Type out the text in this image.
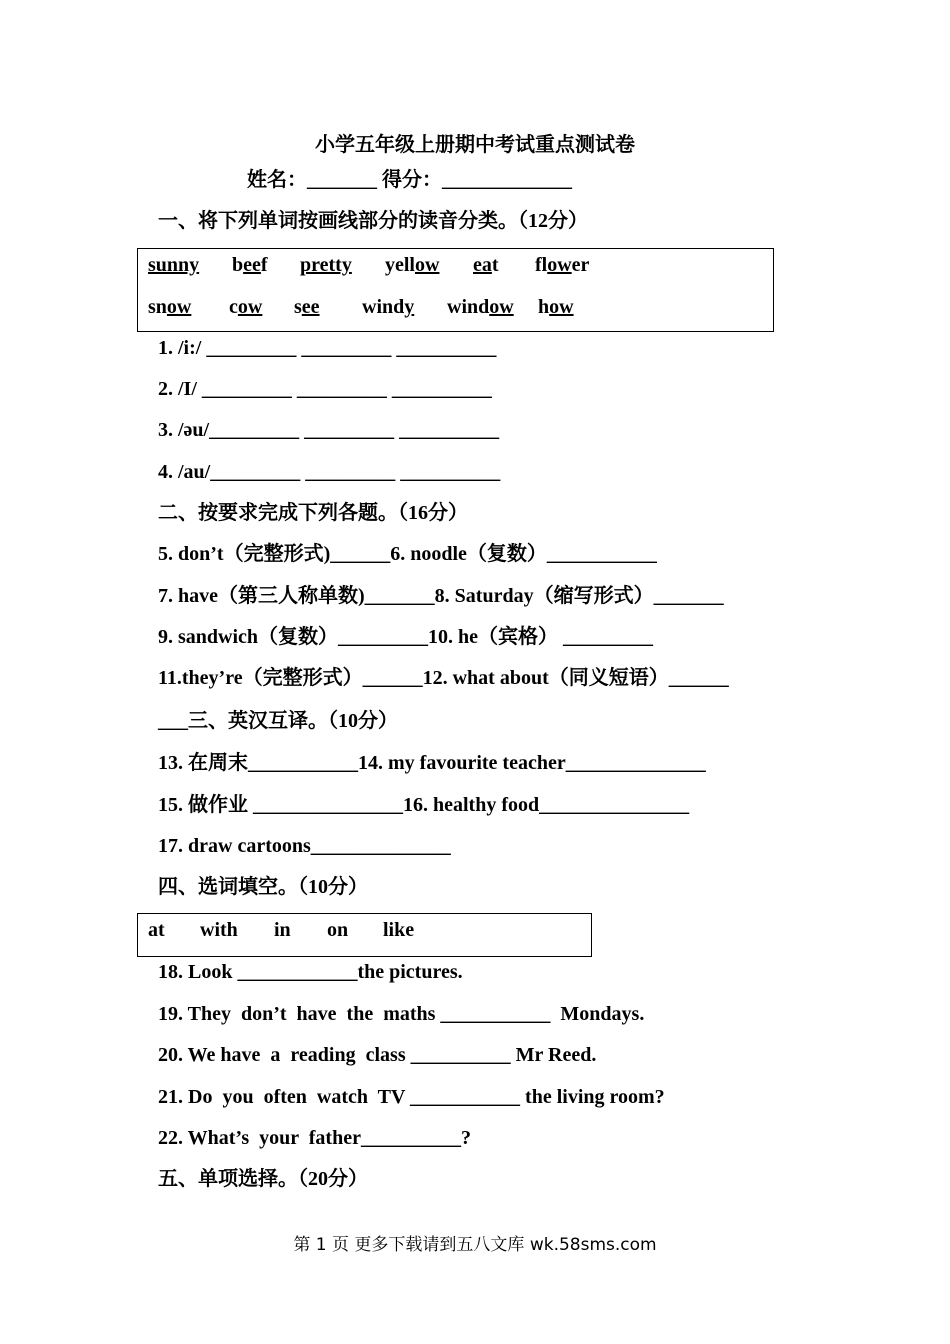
小学五年级上册期中考试重点测试卷
姓名：_______ 得分：_____________
一、将下列单词按画线部分的读音分类。（12分）
sunny beef pretty yellow eat flower
snow cow see windy window how
1. /i:/ _________ _________ __________
2. /I/ _________ _________ __________
3. /əu/_________ _________ __________
4. /au/_________ _________ __________
二、按要求完成下列各题。（16分）
5. don’t（完整形式)______6. noodle（复数）___________
7. have（第三人称单数)_______8. Saturday（缩写形式）_______
9. sandwich（复数）_________10. he（宾格） _________
11.they’re（完整形式）______12. what about（同义短语）______
___三、英汉互译。（10分）
13. 在周末___________14. my favourite teacher______________
15. 做作业 _______________16. healthy food_______________
17. draw cartoons______________
四、选词填空。（10分）
at with in on like
18. Look ____________the pictures.
19. They  don’t  have  the  maths ___________  Mondays.
20. We have  a  reading  class __________ Mr Reed.
21. Do  you  often  watch  TV ___________ the living room?
22. What’s  your  father__________?
五、单项选择。（20分）
第 1 页 更多下载请到五八文库 wk.58sms.com
